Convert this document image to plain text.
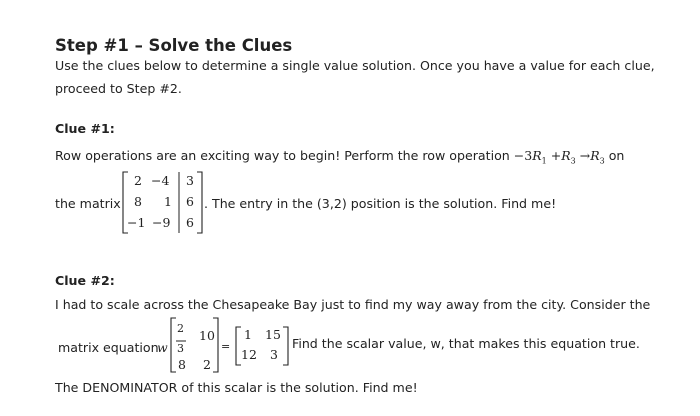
Step #1 – Solve the Clues
Use the clues below to determine a single value solution. Once you have a value for each clue,
proceed to Step #2.
Clue #1:
Row operations are an exciting way to begin! Perform the row operation $-3R_1 +R_3 \to R_3$ on
the matrix
2 −4 3
8 1 6
−1 −9 6
. The entry in the (3,2) position is the solution. Find me!
Clue #2:
I had to scale across the Chesapeake Bay just to find my way away from the city. Consider the
matrix equation
w
2
3
10
8 2
=
1 15
12 3
Find the scalar value, w, that makes this equation true.
The DENOMINATOR of this scalar is the solution. Find me!
